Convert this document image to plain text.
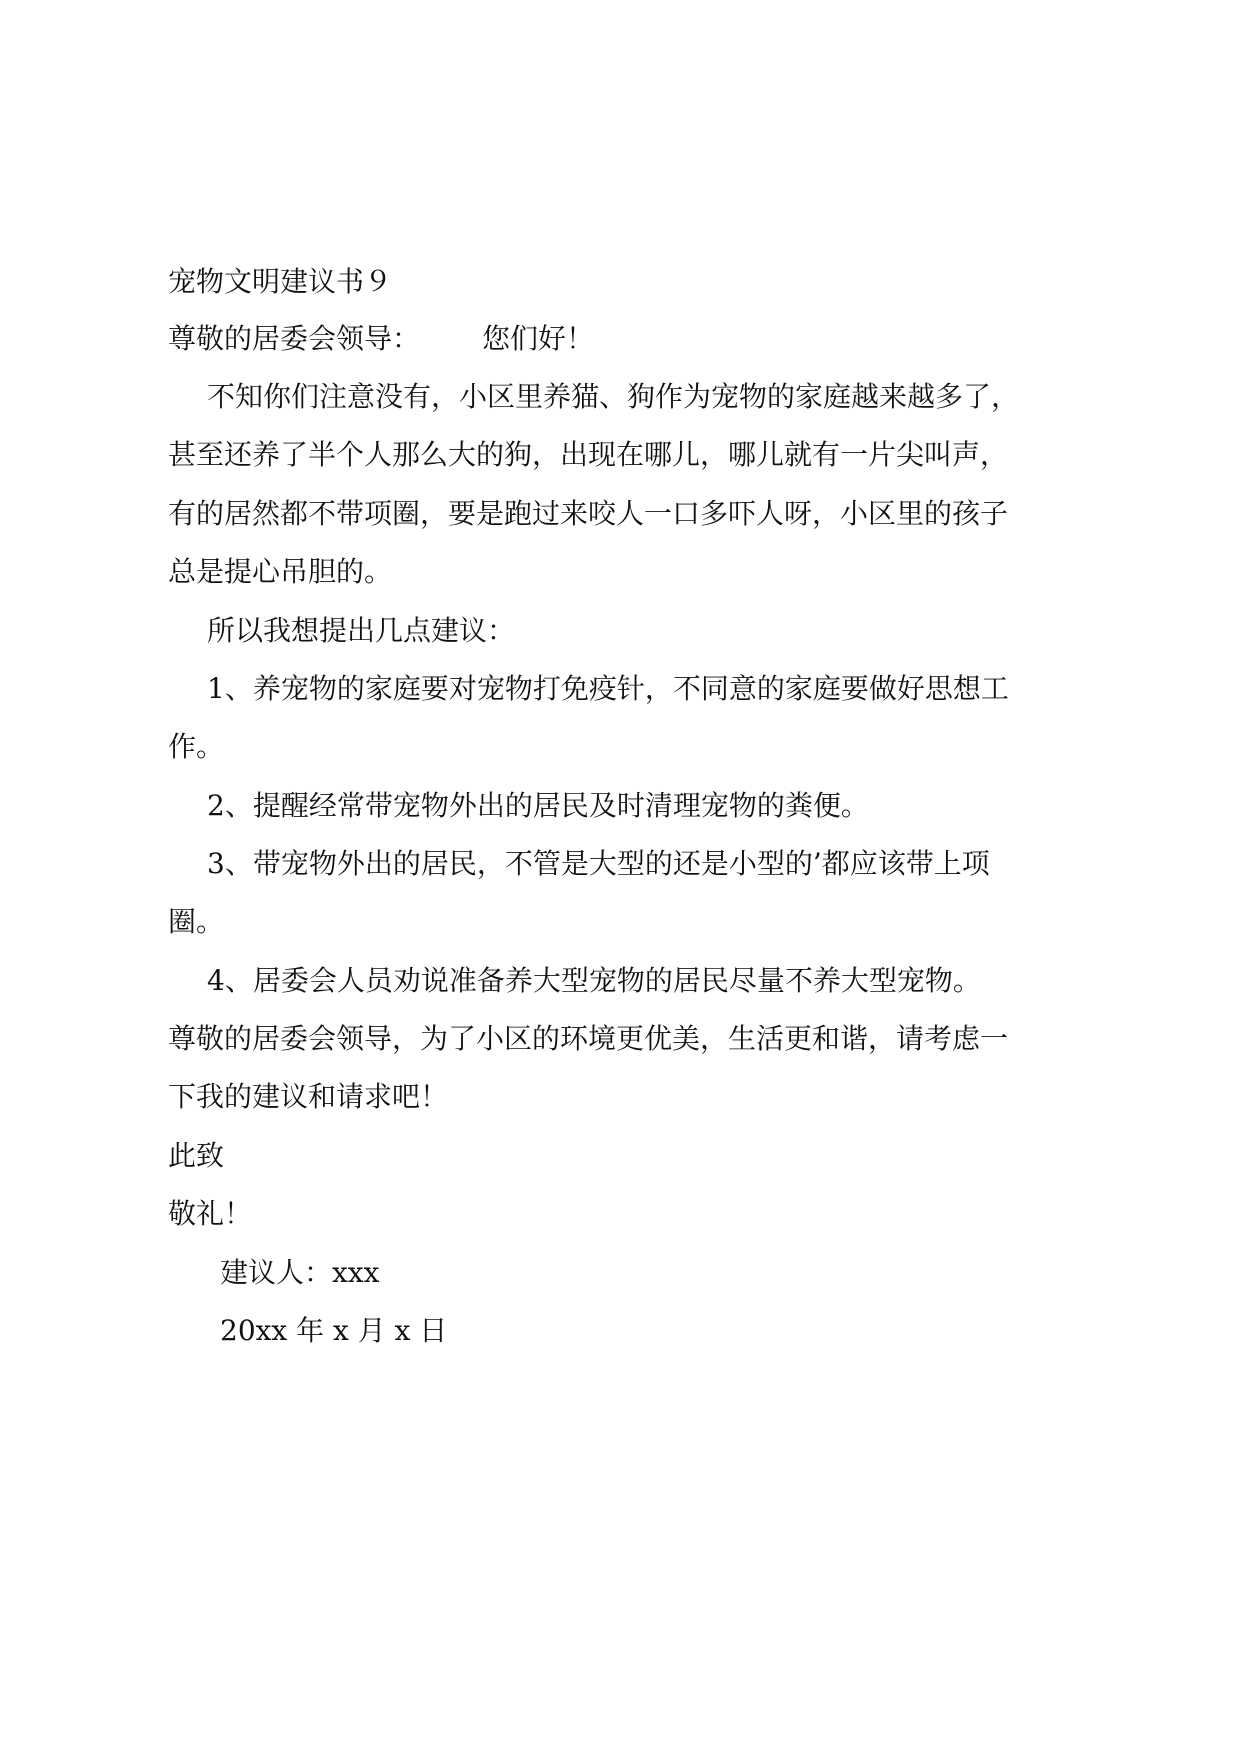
宠物文明建议书９

尊敬的居委会领导： 您们好！

不知你们注意没有，小区里养猫、狗作为宠物的家庭越来越多了，

甚至还养了半个人那么大的狗，出现在哪儿，哪儿就有一片尖叫声，

有的居然都不带项圈，要是跑过来咬人一口多吓人呀，小区里的孩子

总是提心吊胆的。

所以我想提出几点建议：

1、养宠物的家庭要对宠物打免疫针，不同意的家庭要做好思想工

作。

2、提醒经常带宠物外出的居民及时清理宠物的粪便。

3、带宠物外出的居民，不管是大型的还是小型的’都应该带上项

圈。

4、居委会人员劝说准备养大型宠物的居民尽量不养大型宠物。

尊敬的居委会领导，为了小区的环境更优美，生活更和谐，请考虑一

下我的建议和请求吧！

此致

敬礼！

建议人：xxx

20xx 年 x 月 x 日
